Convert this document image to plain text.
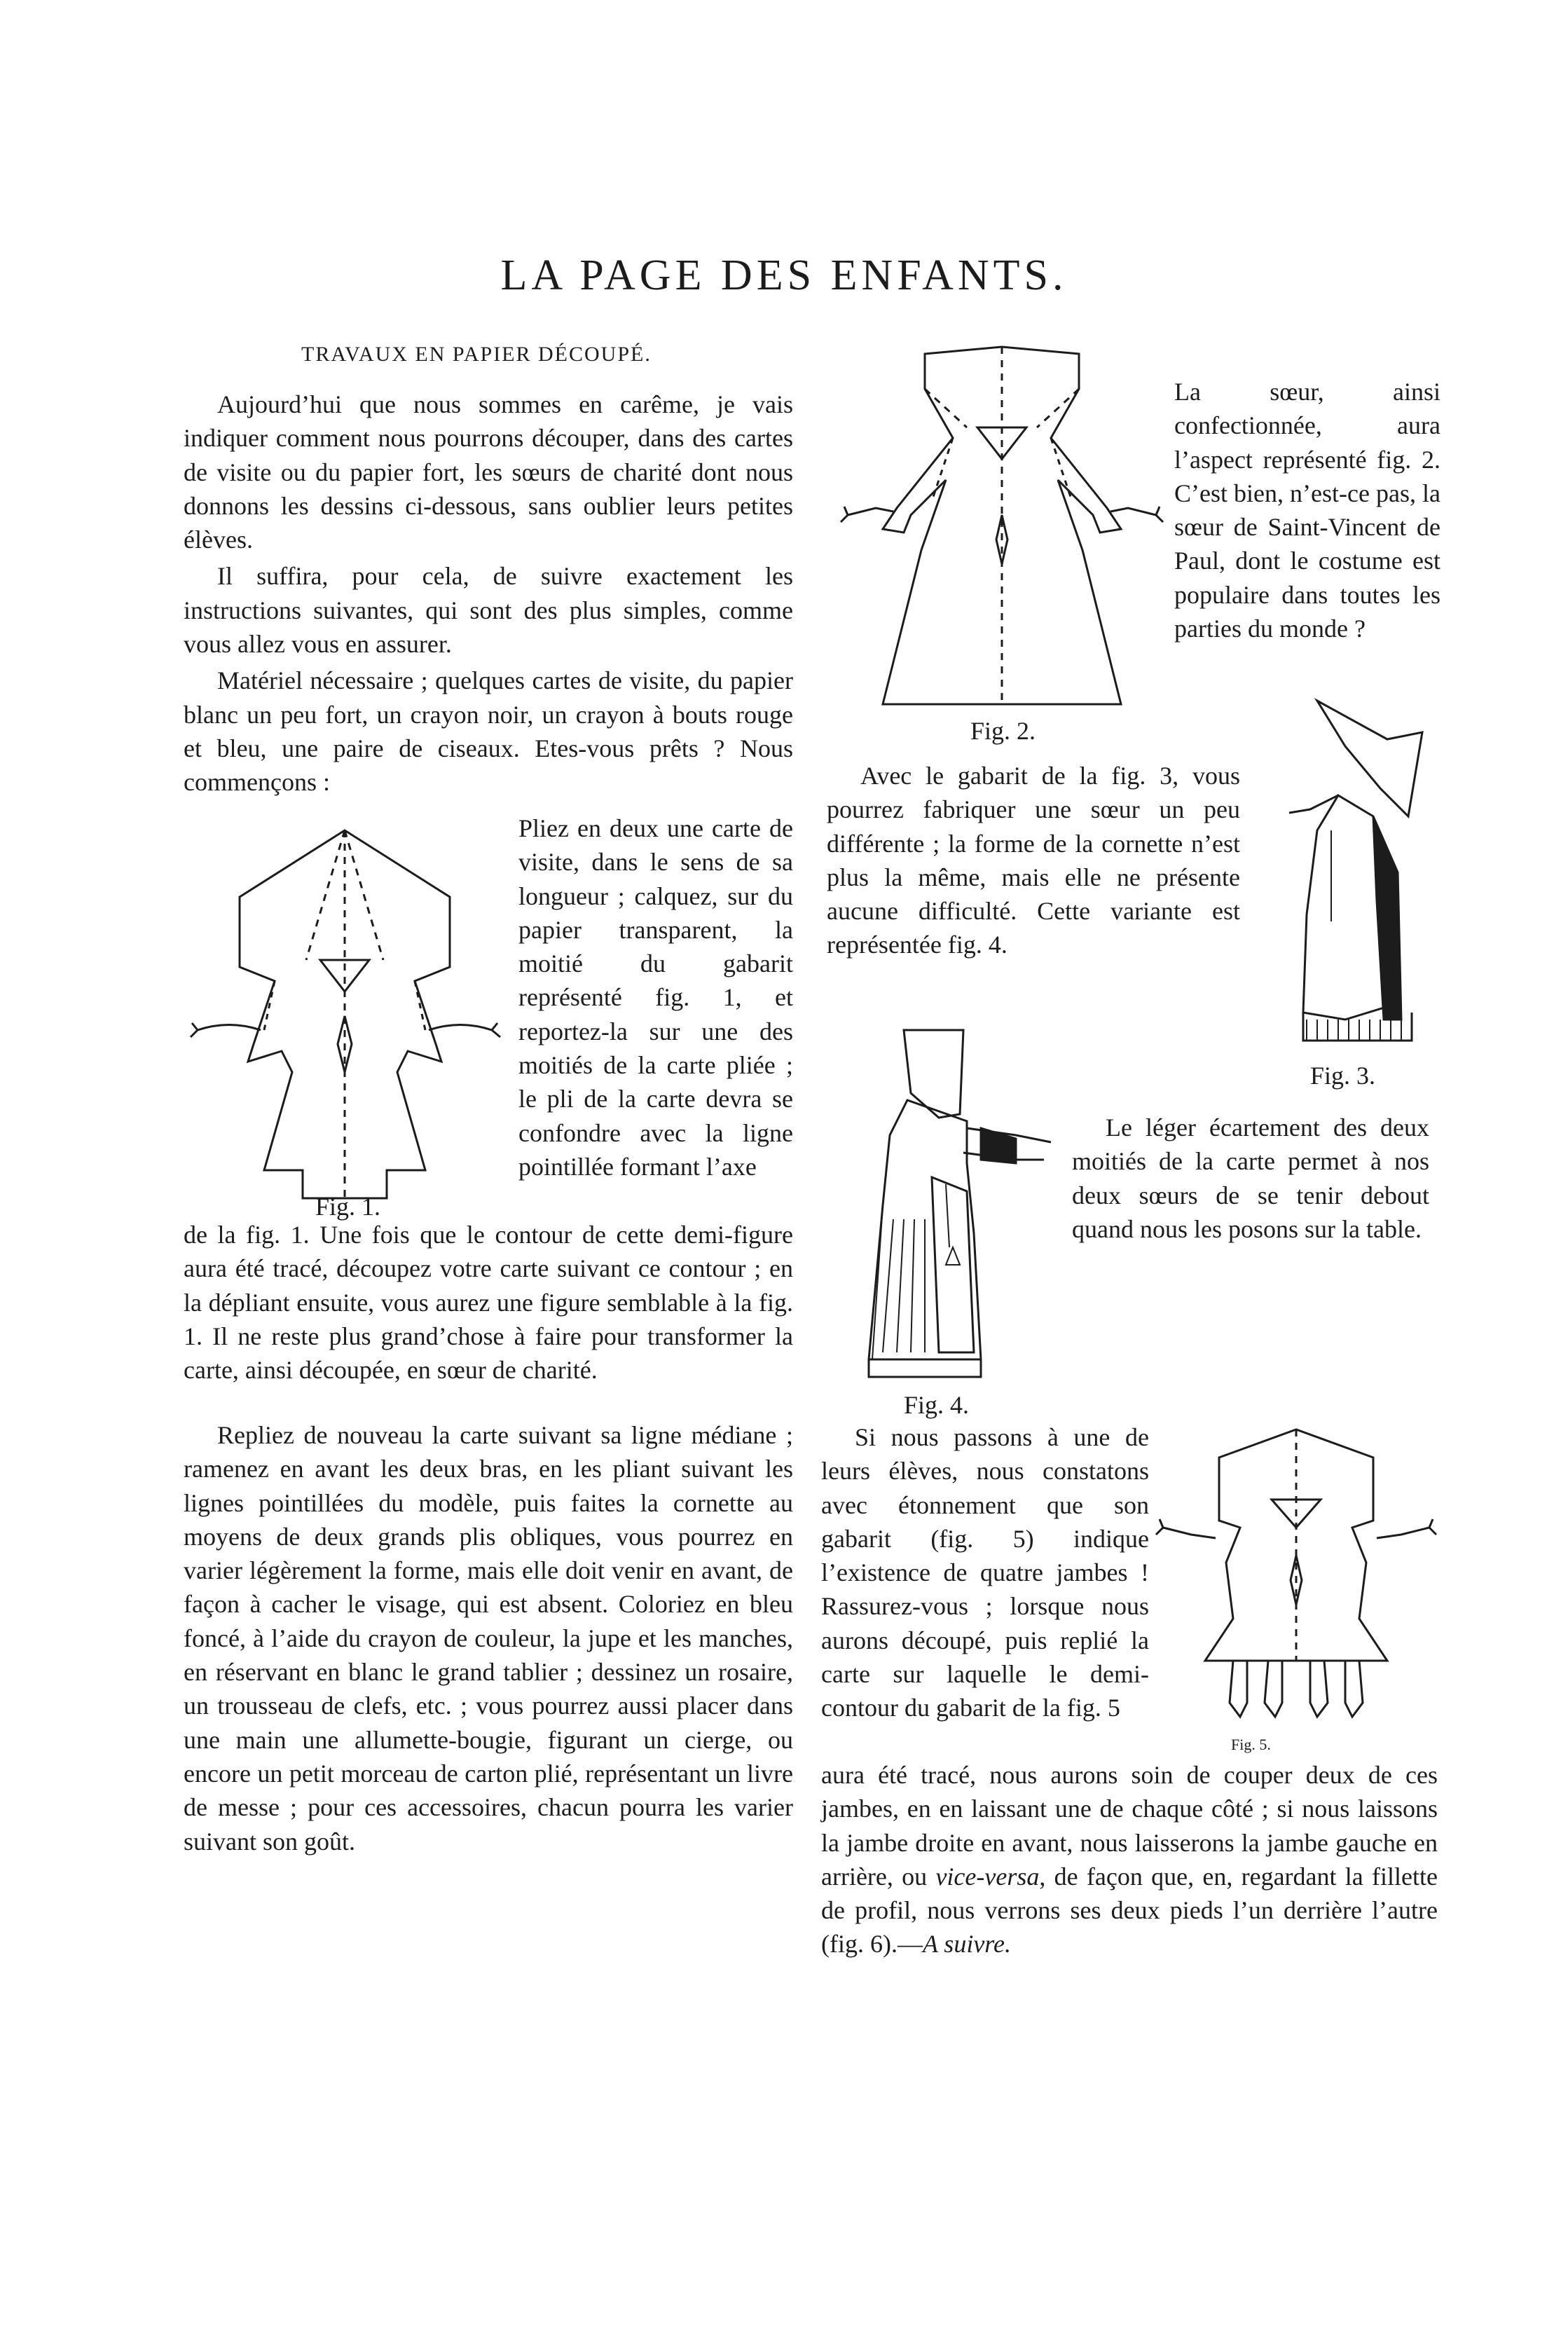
LA PAGE DES ENFANTS.
TRAVAUX EN PAPIER DÉCOUPÉ.

Aujourd’hui que nous sommes en carême, je vais indiquer comment nous pourrons découper, dans des cartes de visite ou du papier fort, les sœurs de charité dont nous donnons les dessins ci-dessous, sans oublier leurs petites élèves.

Il suffira, pour cela, de suivre exactement les instructions suivantes, qui sont des plus simples, comme vous allez vous en assurer.

Matériel nécessaire ; quelques cartes de visite, du papier blanc un peu fort, un crayon noir, un crayon à bouts rouge et bleu, une paire de ciseaux. Etes-vous prêts ? Nous commençons :

Fig. 1.
Pliez en deux une carte de visite, dans le sens de sa longueur ; calquez, sur du papier transparent, la moitié du gabarit représenté fig. 1, et reportez-la sur une des moitiés de la carte pliée ; le pli de la carte devra se confondre avec la ligne pointillée formant l’axe
de la fig. 1. Une fois que le contour de cette demi-figure aura été tracé, découpez votre carte suivant ce contour ; en la dépliant ensuite, vous aurez une figure semblable à la fig. 1. Il ne reste plus grand’chose à faire pour transformer la carte, ainsi découpée, en sœur de charité.
Repliez de nouveau la carte suivant sa ligne médiane ; ramenez en avant les deux bras, en les pliant suivant les lignes pointillées du modèle, puis faites la cornette au moyens de deux grands plis obliques, vous pourrez en varier légèrement la forme, mais elle doit venir en avant, de façon à cacher le visage, qui est absent. Coloriez en bleu foncé, à l’aide du crayon de couleur, la jupe et les manches, en réservant en blanc le grand tablier ; dessinez un rosaire, un trousseau de clefs, etc. ; vous pourrez aussi placer dans une main une allumette-bougie, figurant un cierge, ou encore un petit morceau de carton plié, représentant un livre de messe ; pour ces accessoires, chacun pourra les varier suivant son goût.
Fig. 2.
La sœur, ainsi confectionnée, aura l’aspect représenté fig. 2. C’est bien, n’est-ce pas, la sœur de Saint-Vincent de Paul, dont le costume est populaire dans toutes les parties du monde ?
Avec le gabarit de la fig. 3, vous pourrez fabriquer une sœur un peu différente ; la forme de la cornette n’est plus la même, mais elle ne présente aucune difficulté. Cette variante est représentée fig. 4.
Fig. 3.
Fig. 4.
Le léger écartement des deux moitiés de la carte permet à nos deux sœurs de se tenir debout quand nous les posons sur la table.
Si nous passons à une de leurs élèves, nous constatons avec étonnement que son gabarit (fig. 5) indique l’existence de quatre jambes ! Rassurez-vous ; lorsque nous aurons découpé, puis replié la carte sur laquelle le demi-contour du gabarit de la fig. 5
Fig. 5.
aura été tracé, nous aurons soin de couper deux de ces jambes, en en laissant une de chaque côté ; si nous laissons la jambe droite en avant, nous laisserons la jambe gauche en arrière, ou vice-versa, de façon que, en, regardant la fillette de profil, nous verrons ses deux pieds l’un derrière l’autre (fig. 6).—A suivre.
